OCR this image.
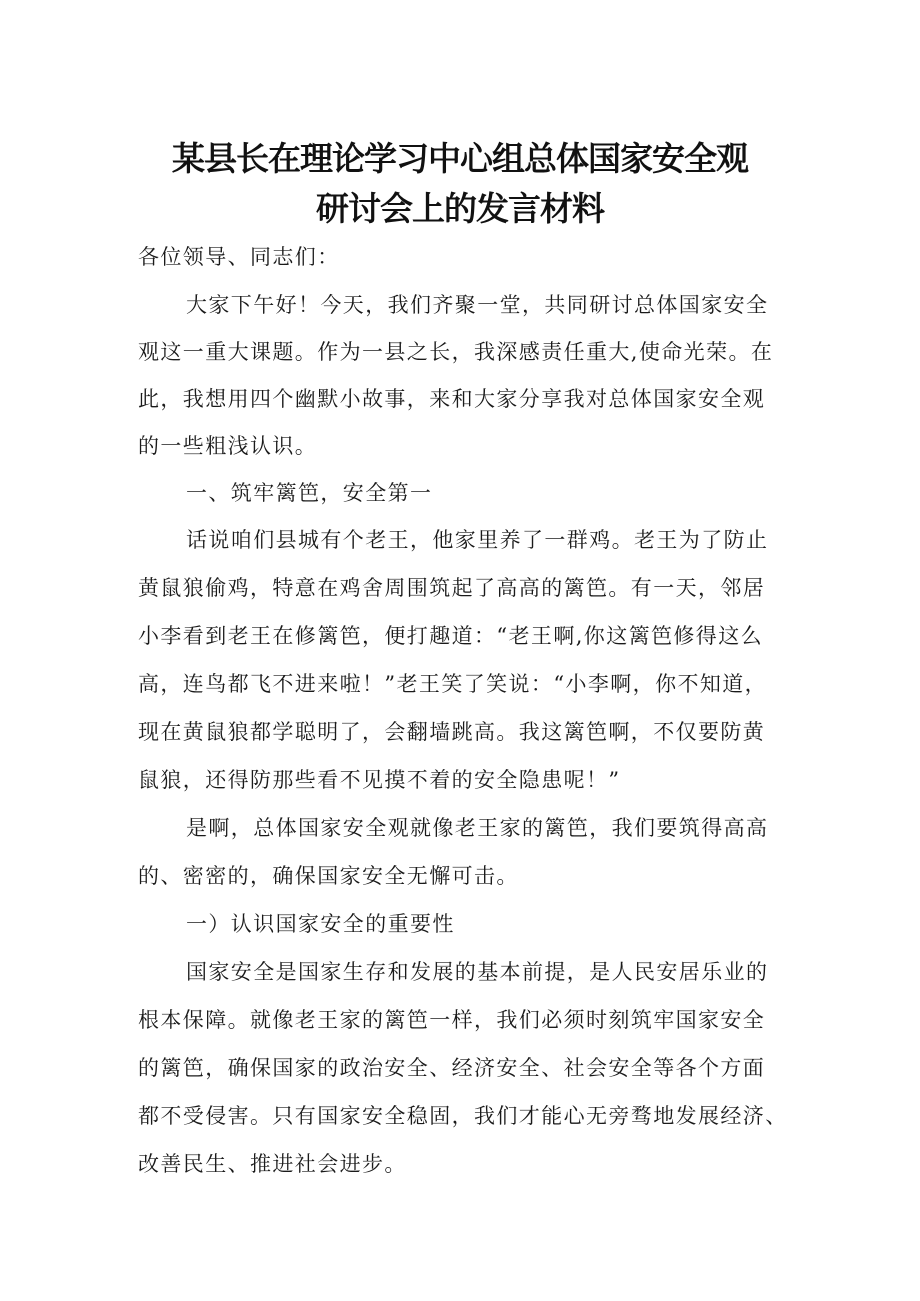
某县长在理论学习中心组总体国家安全观
研讨会上的发言材料
各位领导、同志们：
大家下午好！今天，我们齐聚一堂，共同研讨总体国家安全
观这一重大课题。作为一县之长，我深感责任重大,使命光荣。在
此，我想用四个幽默小故事，来和大家分享我对总体国家安全观
的一些粗浅认识。
一、筑牢篱笆，安全第一
话说咱们县城有个老王，他家里养了一群鸡。老王为了防止
黄鼠狼偷鸡，特意在鸡舍周围筑起了高高的篱笆。有一天，邻居
小李看到老王在修篱笆，便打趣道：“老王啊,你这篱笆修得这么
高，连鸟都飞不进来啦！”老王笑了笑说：“小李啊，你不知道，
现在黄鼠狼都学聪明了，会翻墙跳高。我这篱笆啊，不仅要防黄
鼠狼，还得防那些看不见摸不着的安全隐患呢！”
是啊，总体国家安全观就像老王家的篱笆，我们要筑得高高
的、密密的，确保国家安全无懈可击。
一）认识国家安全的重要性
国家安全是国家生存和发展的基本前提，是人民安居乐业的
根本保障。就像老王家的篱笆一样，我们必须时刻筑牢国家安全
的篱笆，确保国家的政治安全、经济安全、社会安全等各个方面
都不受侵害。只有国家安全稳固，我们才能心无旁骛地发展经济、
改善民生、推进社会进步。
